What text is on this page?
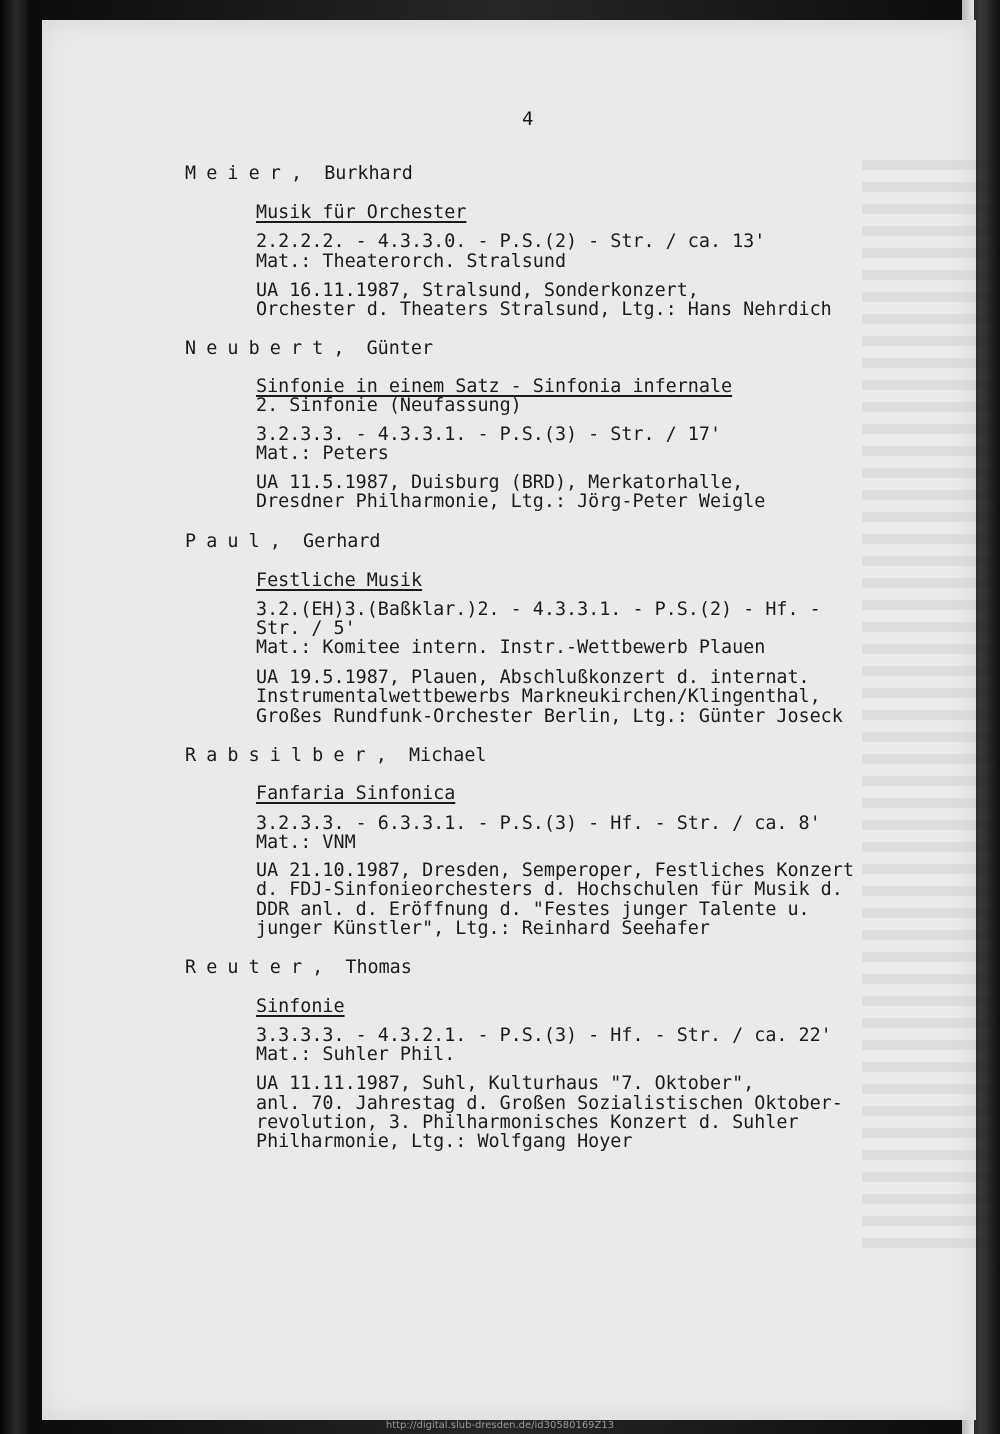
4
Meier,  Burkhard
Musik für Orchester
2.2.2.2. - 4.3.3.0. - P.S.(2) - Str. / ca. 13'
Mat.: Theaterorch. Stralsund
UA 16.11.1987, Stralsund, Sonderkonzert,
Orchester d. Theaters Stralsund, Ltg.: Hans Nehrdich
Neubert,  Günter
Sinfonie in einem Satz - Sinfonia infernale
2. Sinfonie (Neufassung)
3.2.3.3. - 4.3.3.1. - P.S.(3) - Str. / 17'
Mat.: Peters
UA 11.5.1987, Duisburg (BRD), Merkatorhalle,
Dresdner Philharmonie, Ltg.: Jörg-Peter Weigle
Paul,  Gerhard
Festliche Musik
3.2.(EH)3.(Baßklar.)2. - 4.3.3.1. - P.S.(2) - Hf. -
Str. / 5'
Mat.: Komitee intern. Instr.-Wettbewerb Plauen
UA 19.5.1987, Plauen, Abschlußkonzert d. internat.
Instrumentalwettbewerbs Markneukirchen/Klingenthal,
Großes Rundfunk-Orchester Berlin, Ltg.: Günter Joseck
Rabsilber,  Michael
Fanfaria Sinfonica
3.2.3.3. - 6.3.3.1. - P.S.(3) - Hf. - Str. / ca. 8'
Mat.: VNM
UA 21.10.1987, Dresden, Semperoper, Festliches Konzert
d. FDJ-Sinfonieorchesters d. Hochschulen für Musik d.
DDR anl. d. Eröffnung d. "Festes junger Talente u.
junger Künstler", Ltg.: Reinhard Seehafer
Reuter,  Thomas
Sinfonie
3.3.3.3. - 4.3.2.1. - P.S.(3) - Hf. - Str. / ca. 22'
Mat.: Suhler Phil.
UA 11.11.1987, Suhl, Kulturhaus "7. Oktober",
anl. 70. Jahrestag d. Großen Sozialistischen Oktober-
revolution, 3. Philharmonisches Konzert d. Suhler
Philharmonie, Ltg.: Wolfgang Hoyer
http://digital.slub-dresden.de/id30580169Z13
